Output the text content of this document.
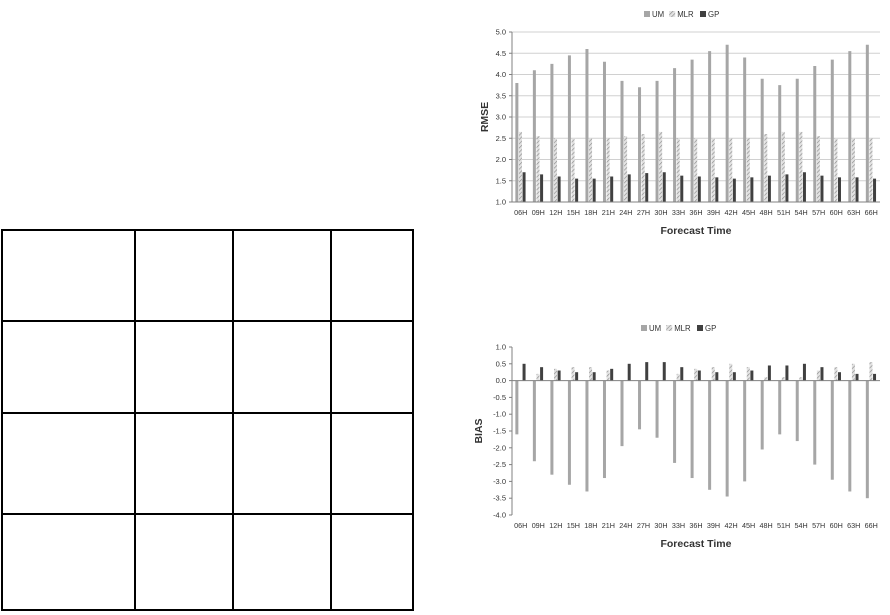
1.0
1.5
2.0
2.5
3.0
3.5
4.0
4.5
5.0
06H 09H 12H 15H 18H 21H 24H 27H 30H 33H 36H 39H 42H 45H 48H 51H 54H 57H 60H 63H 66H
Forecast Time
RMSE
UM MLR GP
1.0
0.5
0.0
-0.5
-1.0
-1.5
-2.0
-2.5
-3.0
-3.5
-4.0
06H 09H 12H 15H 18H 21H 24H 27H 30H 33H 36H 39H 42H 45H 48H 51H 54H 57H 60H 63H 66H
Forecast Time
BIAS
UM MLR GP
